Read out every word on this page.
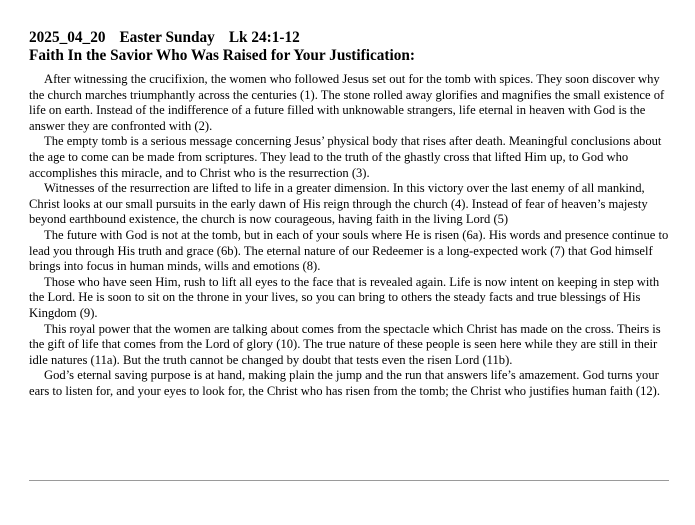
2025_04_20 Easter Sunday Lk 24:1-12
Faith In the Savior Who Was Raised for Your Justification:

After witnessing the crucifixion, the women who followed Jesus set out for the tomb with spices. They soon discover why the church marches triumphantly across the centuries (1). The stone rolled away glorifies and magnifies the small existence of life on earth. Instead of the indifference of a future filled with unknowable strangers, life eternal in heaven with God is the answer they are confronted with (2).

The empty tomb is a serious message concerning Jesus’ physical body that rises after death. Meaningful conclusions about the age to come can be made from scriptures. They lead to the truth of the ghastly cross that lifted Him up, to God who accomplishes this miracle, and to Christ who is the resurrection (3).

Witnesses of the resurrection are lifted to life in a greater dimension. In this victory over the last enemy of all mankind, Christ looks at our small pursuits in the early dawn of His reign through the church (4). Instead of fear of heaven’s majesty beyond earthbound existence, the church is now courageous, having faith in the living Lord (5)

The future with God is not at the tomb, but in each of your souls where He is risen (6a). His words and presence continue to lead you through His truth and grace (6b). The eternal nature of our Redeemer is a long-expected work (7) that God himself brings into focus in human minds, wills and emotions (8).

Those who have seen Him, rush to lift all eyes to the face that is revealed again. Life is now intent on keeping in step with the Lord. He is soon to sit on the throne in your lives, so you can bring to others the steady facts and true blessings of His Kingdom (9).

This royal power that the women are talking about comes from the spectacle which Christ has made on the cross. Theirs is the gift of life that comes from the Lord of glory (10). The true nature of these people is seen here while they are still in their idle natures (11a). But the truth cannot be changed by doubt that tests even the risen Lord (11b).

God’s eternal saving purpose is at hand, making plain the jump and the run that answers life’s amazement. God turns your ears to listen for, and your eyes to look for, the Christ who has risen from the tomb; the Christ who justifies human faith (12).
